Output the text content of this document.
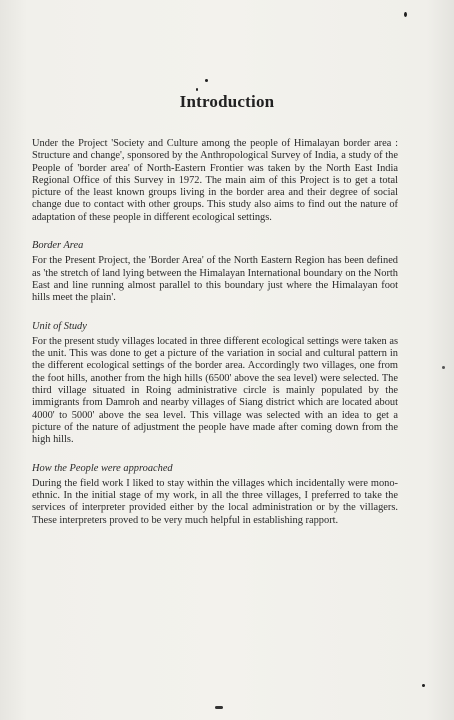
Introduction

Under the Project 'Society and Culture among the people of Himalayan border area : Structure and change', sponsored by the Anthropological Survey of India, a study of the People of 'border area' of North-Eastern Frontier was taken by the North East India Regional Office of this Survey in 1972. The main aim of this Project is to get a total picture of the least known groups living in the border area and their degree of social change due to contact with other groups. This study also aims to find out the nature of adaptation of these people in different ecological settings.

Border Area

For the Present Project, the 'Border Area' of the North Eastern Region has been defined as 'the stretch of land lying between the Himalayan International boundary on the North East and line running almost parallel to this boundary just where the Himalayan foot hills meet the plain'.

Unit of Study

For the present study villages located in three different ecological settings were taken as the unit. This was done to get a picture of the variation in social and cultural pattern in the different ecological settings of the border area. Accordingly two villages, one from the foot hills, another from the high hills (6500' above the sea level) were selected. The third village situated in Roing administrative circle is mainly populated by the immigrants from Damroh and nearby villages of Siang district which are located about 4000' to 5000' above the sea level. This village was selected with an idea to get a picture of the nature of adjustment the people have made after coming down from the high hills.

How the People were approached

During the field work I liked to stay within the villages which incidentally were mono-ethnic. In the initial stage of my work, in all the three villages, I preferred to take the services of interpreter provided either by the local administration or by the villagers. These interpreters proved to be very much helpful in establishing rapport.
